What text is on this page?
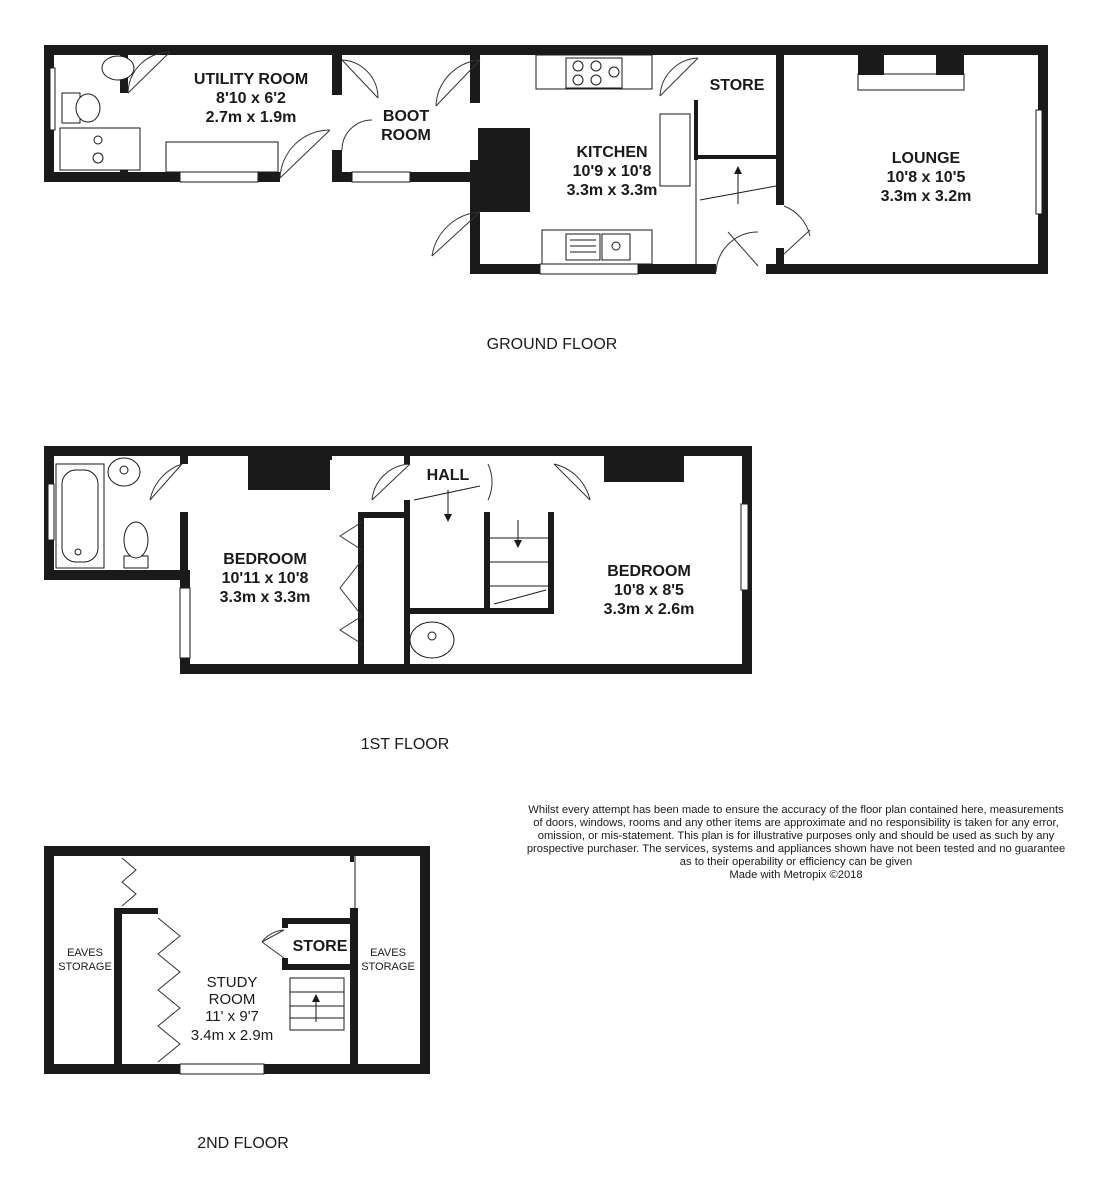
UTILITY ROOM
8'10 x 6'2
2.7m x 1.9m	BOOT
ROOM
KITCHEN
10'9 x 10'8
3.3m x 3.3m
STORE
LOUNGE
10'8 x 10'5
3.3m x 3.2m
GROUND FLOOR
BEDROOM
10'11 x 10'8
3.3m x 3.3m
HALL
BEDROOM
10'8 x 8'5
3.3m x 2.6m
1ST FLOOR
EAVES
STORAGE
EAVES
STORAGE
STORE
STUDY
ROOM
11' x 9'7
3.4m x 2.9m
2ND FLOOR
Whilst every attempt has been made to ensure the accuracy of the floor plan contained here, measurements
of doors, windows, rooms and any other items are approximate and no responsibility is taken for any error,
omission, or mis-statement. This plan is for illustrative purposes only and should be used as such by any
prospective purchaser. The services, systems and appliances shown have not been tested and no guarantee
as to their operability or efficiency can be given
Made with Metropix ©2018
